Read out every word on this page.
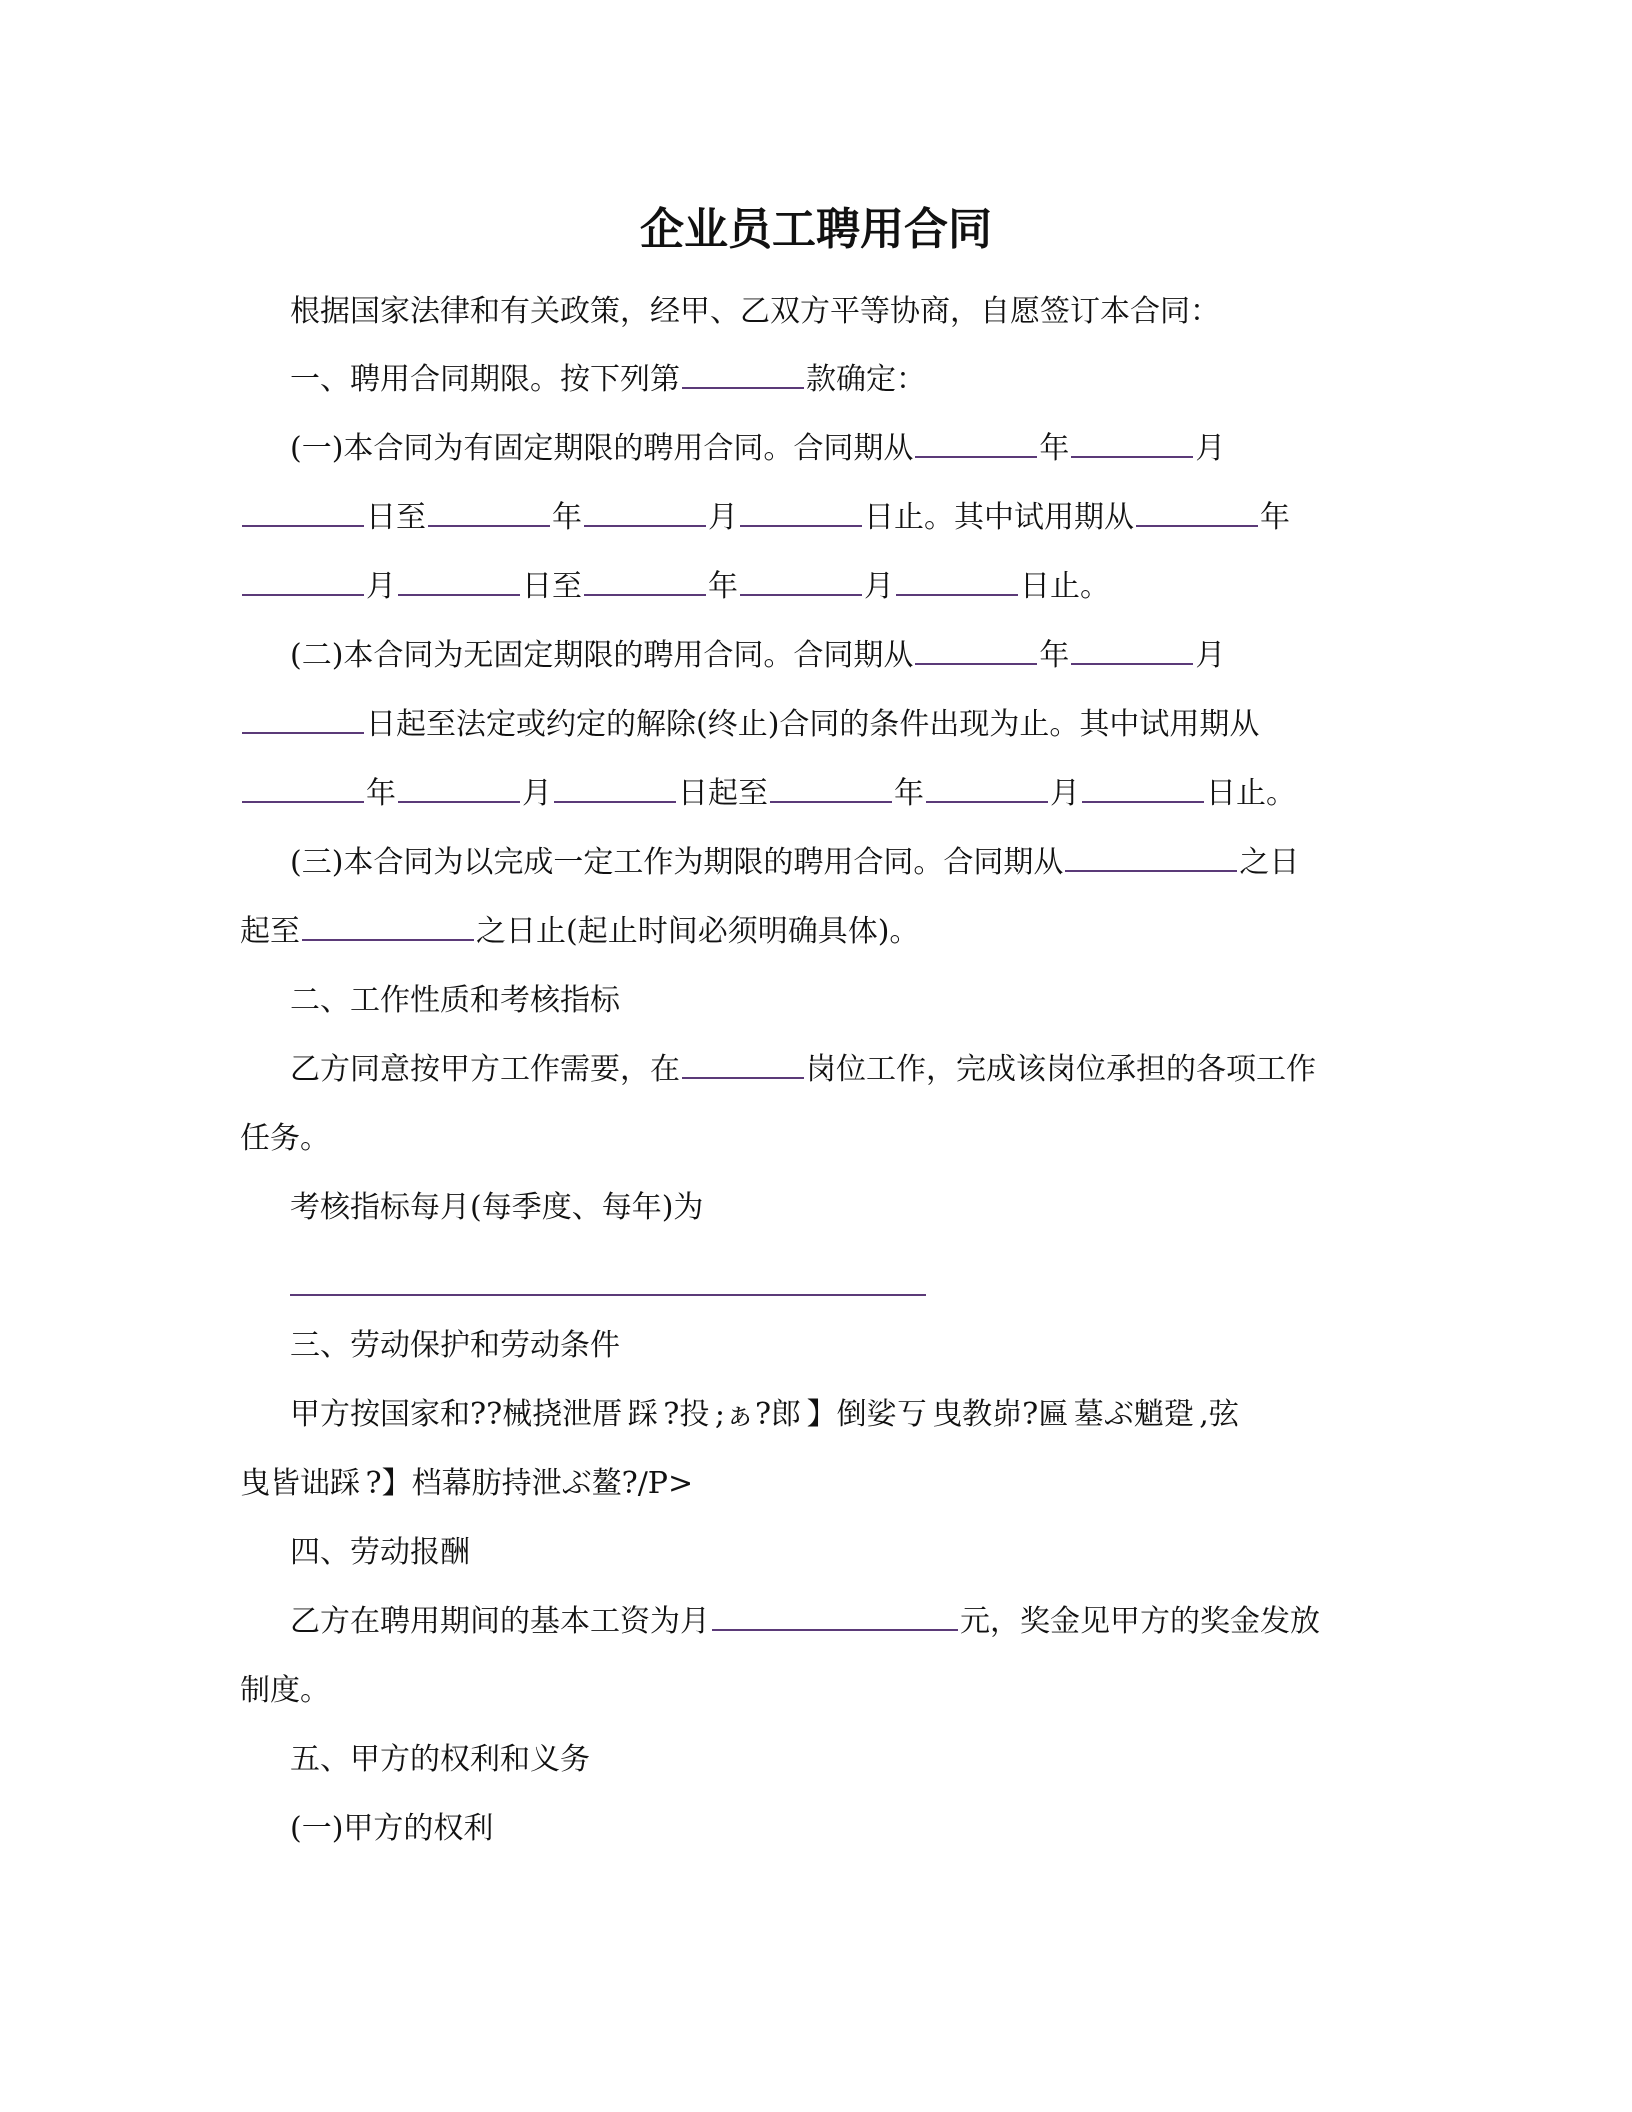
企业员工聘用合同
根据国家法律和有关政策，经甲、乙双方平等协商，自愿签订本合同：
一、聘用合同期限。按下列第	款确定：
(一)本合同为有固定期限的聘用合同。合同期从	年	月
日至	年	月	日止。其中试用期从	年
月	日至	年	月	日止。
(二)本合同为无固定期限的聘用合同。合同期从	年	月
日起至法定或约定的解除(终止)合同的条件出现为止。其中试用期从
年	月	日起至	年	月	日止。
(三)本合同为以完成一定工作为期限的聘用合同。合同期从	之日
起至	之日止(起止时间必须明确具体)。
二、工作性质和考核指标
乙方同意按甲方工作需要，在	岗位工作，完成该岗位承担的各项工作
任务。
考核指标每月(每季度、每年)为
三、劳动保护和劳动条件
甲方按国家和??械挠泄厝 踩 ?投 ;ぁ?郎 】倒娑丂 曳教峁?匾 墓ぶ魈跫 ,弦
曳皆诎踩 ?】档幕肪持泄ぶ鳌?/P>
四、劳动报酬
乙方在聘用期间的基本工资为月	元，奖金见甲方的奖金发放
制度。
五、甲方的权利和义务
(一)甲方的权利
